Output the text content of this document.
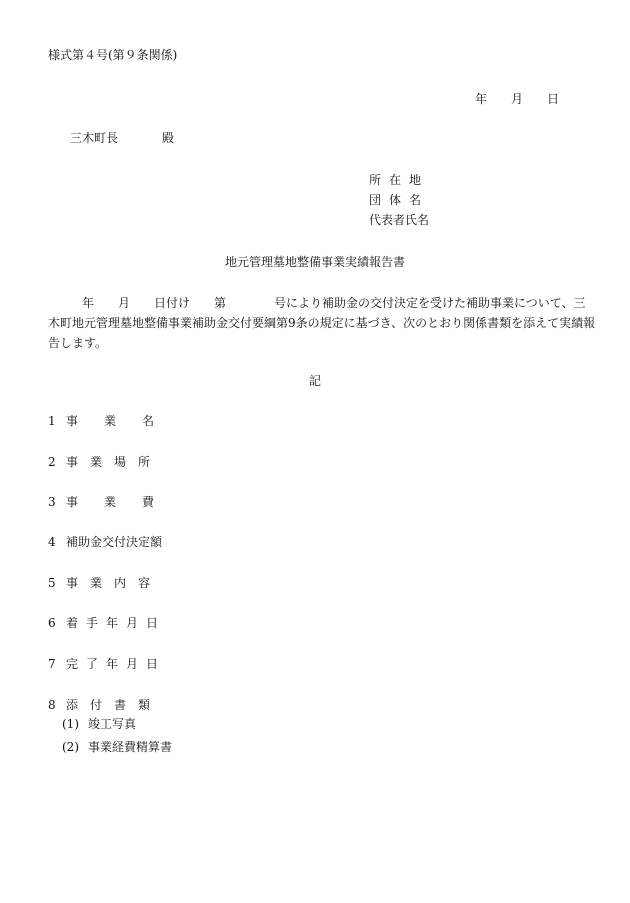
様式第４号(第９条関係)
年 月 日
三木町長	殿
所在地
団体名
代表者氏名
地元管理墓地整備事業実績報告書
年　　月　　日付け　　第　　　　号により補助金の交付決定を受けた補助事業について、三
木町地元管理墓地整備事業補助金交付要綱第9条の規定に基づき、次のとおり関係書類を添えて実績報
告します。
記
1 事業名
2 事業場所
3 事業費
4 補助金交付決定額
5 事業内容
6 着手年月日
7 完了年月日
8 添付書類
(1) 竣工写真
(2) 事業経費精算書
